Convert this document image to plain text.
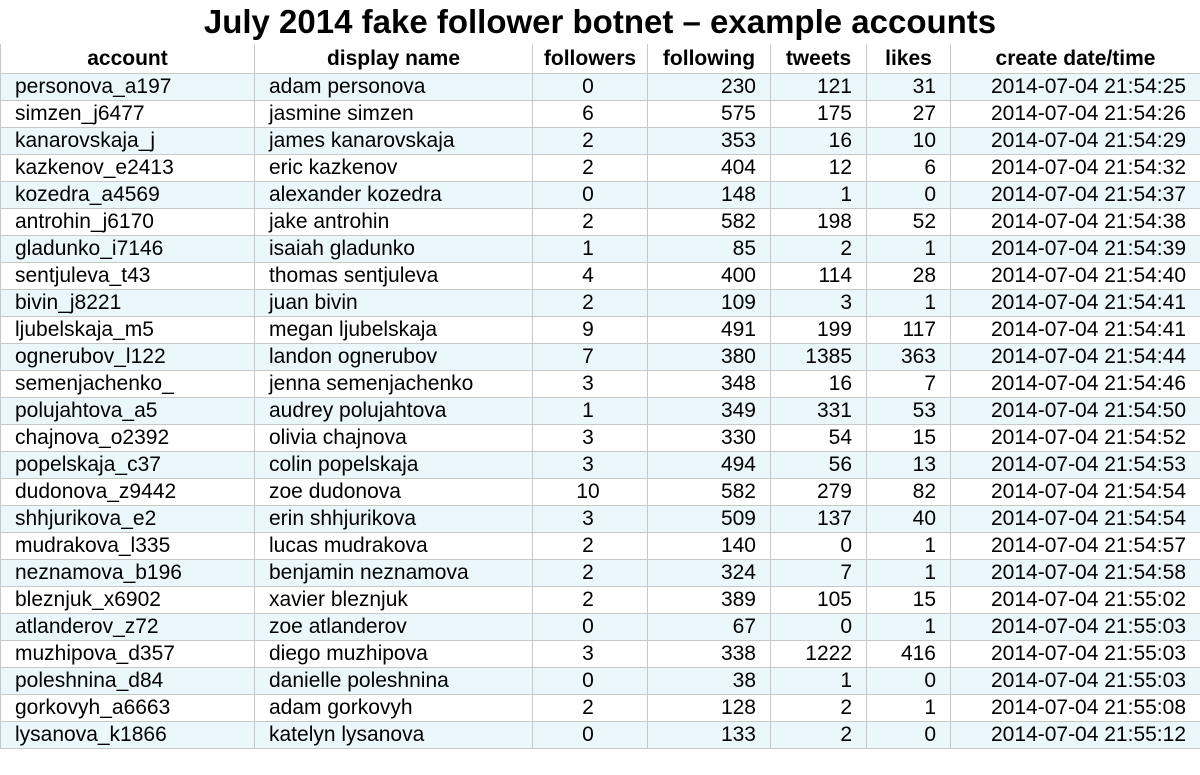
July 2014 fake follower botnet – example accounts
account	display name	followers	following	tweets	likes	create date/time
personova_a197	adam personova	0	230	121	31	2014-07-04 21:54:25
simzen_j6477	jasmine simzen	6	575	175	27	2014-07-04 21:54:26
kanarovskaja_j	james kanarovskaja	2	353	16	10	2014-07-04 21:54:29
kazkenov_e2413	eric kazkenov	2	404	12	6	2014-07-04 21:54:32
kozedra_a4569	alexander kozedra	0	148	1	0	2014-07-04 21:54:37
antrohin_j6170	jake antrohin	2	582	198	52	2014-07-04 21:54:38
gladunko_i7146	isaiah gladunko	1	85	2	1	2014-07-04 21:54:39
sentjuleva_t43	thomas sentjuleva	4	400	114	28	2014-07-04 21:54:40
bivin_j8221	juan bivin	2	109	3	1	2014-07-04 21:54:41
ljubelskaja_m5	megan ljubelskaja	9	491	199	117	2014-07-04 21:54:41
ognerubov_l122	landon ognerubov	7	380	1385	363	2014-07-04 21:54:44
semenjachenko_	jenna semenjachenko	3	348	16	7	2014-07-04 21:54:46
polujahtova_a5	audrey polujahtova	1	349	331	53	2014-07-04 21:54:50
chajnova_o2392	olivia chajnova	3	330	54	15	2014-07-04 21:54:52
popelskaja_c37	colin popelskaja	3	494	56	13	2014-07-04 21:54:53
dudonova_z9442	zoe dudonova	10	582	279	82	2014-07-04 21:54:54
shhjurikova_e2	erin shhjurikova	3	509	137	40	2014-07-04 21:54:54
mudrakova_l335	lucas mudrakova	2	140	0	1	2014-07-04 21:54:57
neznamova_b196	benjamin neznamova	2	324	7	1	2014-07-04 21:54:58
bleznjuk_x6902	xavier bleznjuk	2	389	105	15	2014-07-04 21:55:02
atlanderov_z72	zoe atlanderov	0	67	0	1	2014-07-04 21:55:03
muzhipova_d357	diego muzhipova	3	338	1222	416	2014-07-04 21:55:03
poleshnina_d84	danielle poleshnina	0	38	1	0	2014-07-04 21:55:03
gorkovyh_a6663	adam gorkovyh	2	128	2	1	2014-07-04 21:55:08
lysanova_k1866	katelyn lysanova	0	133	2	0	2014-07-04 21:55:12
